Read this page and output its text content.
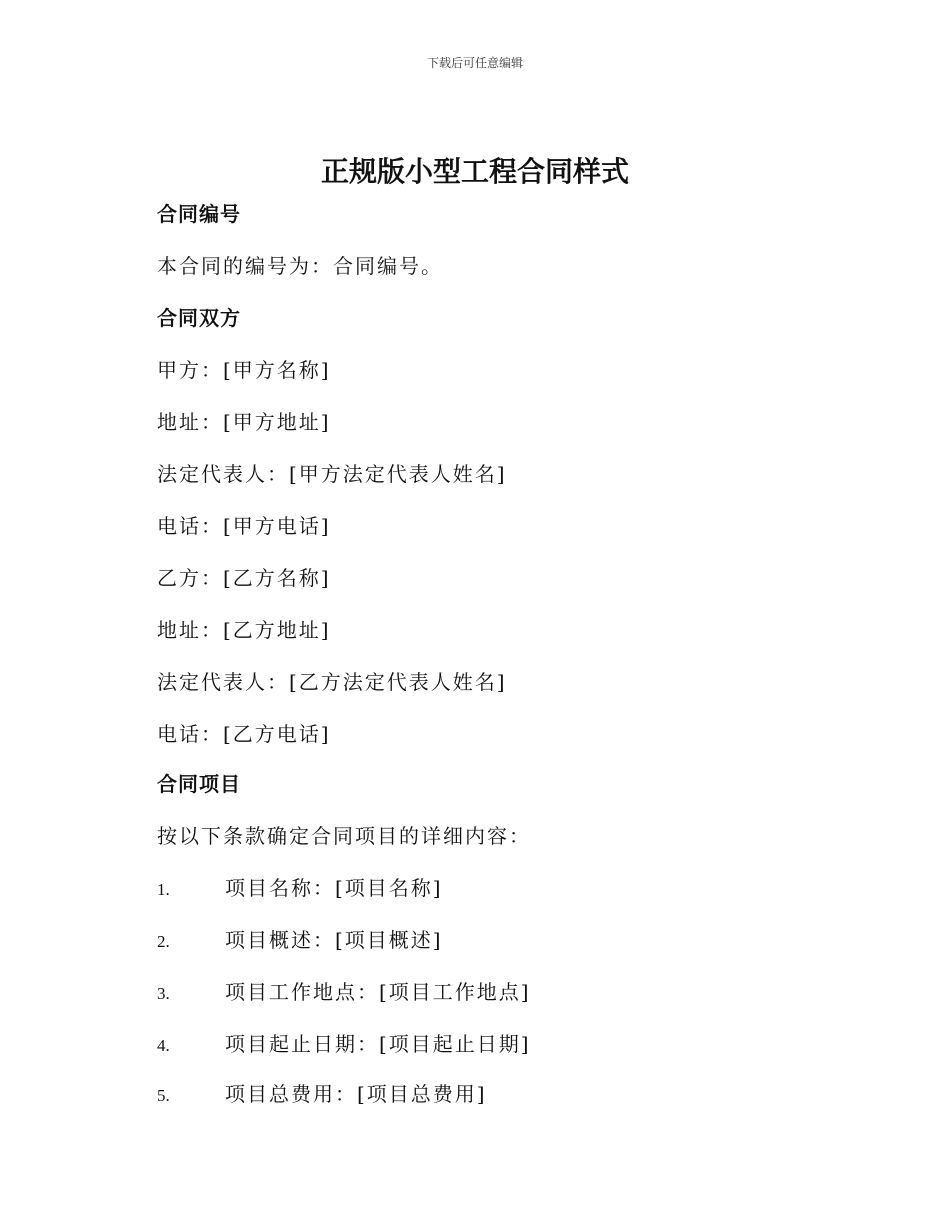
下载后可任意编辑
正规版小型工程合同样式
合同编号
本合同的编号为：合同编号。
合同双方
甲方：[甲方名称]
地址：[甲方地址]
法定代表人：[甲方法定代表人姓名]
电话：[甲方电话]
乙方：[乙方名称]
地址：[乙方地址]
法定代表人：[乙方法定代表人姓名]
电话：[乙方电话]
合同项目
按以下条款确定合同项目的详细内容：
1.	项目名称：[项目名称]
2.	项目概述：[项目概述]
3.	项目工作地点：[项目工作地点]
4.	项目起止日期：[项目起止日期]
5.	项目总费用：[项目总费用]
